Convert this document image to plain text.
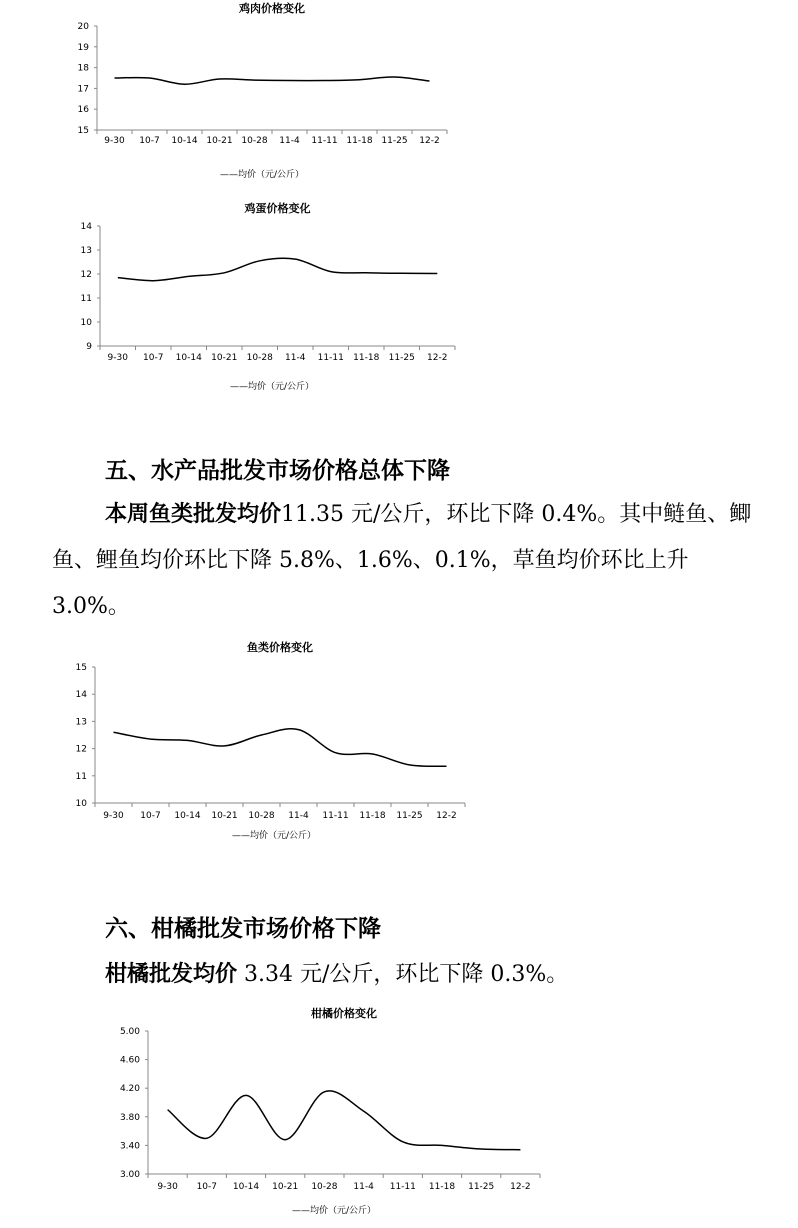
鸡肉价格变化
15
16
17
18
19
20
9-30 10-7 10-14 10-21 10-28 11-4 11-11 11-18 11-25 12-2
——均价（元/公斤）
鸡蛋价格变化
9
10
11
12
13
14
9-30 10-7 10-14 10-21 10-28 11-4 11-11 11-18 11-25 12-2
——均价（元/公斤）
五、水产品批发市场价格总体下降
本周鱼类批发均价11.35 元/公斤，环比下降 0.4%。其中鲢鱼、鲫鱼、鲤鱼均价环比下降 5.8%、1.6%、0.1%，草鱼均价环比上升 3.0%。
鱼类价格变化
10
11
12
13
14
15
9-30 10-7 10-14 10-21 10-28 11-4 11-11 11-18 11-25 12-2
——均价（元/公斤）
六、柑橘批发市场价格下降
柑橘批发均价 3.34 元/公斤，环比下降 0.3%。
柑橘价格变化
3.00
3.40
3.80
4.20
4.60
5.00
9-30 10-7 10-14 10-21 10-28 11-4 11-11 11-18 11-25 12-2
——均价（元/公斤）
